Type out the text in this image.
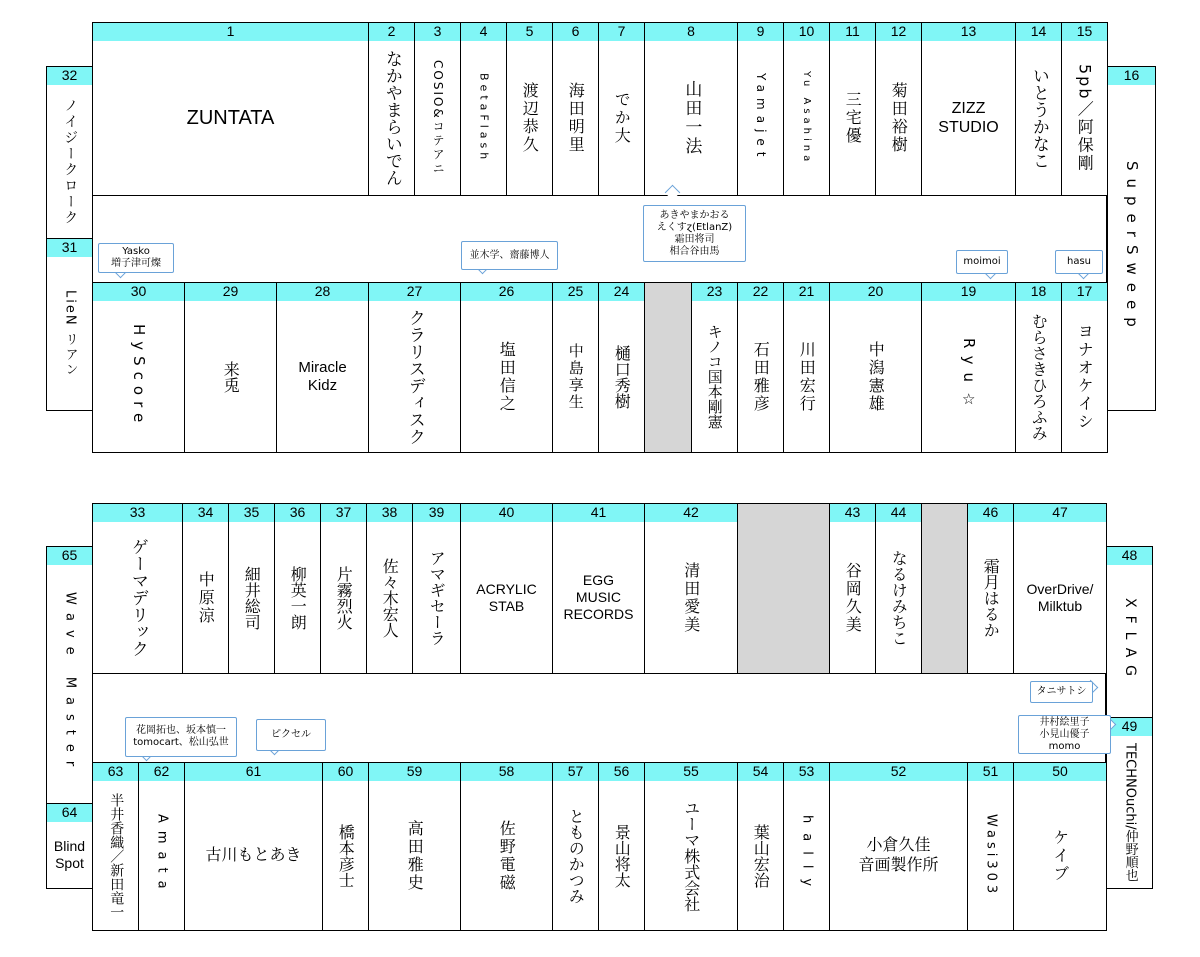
1
ZUNTATA
2
なかやまらいでん
3
COSIO&コテアニ
4
BetaFlash
5
渡辺恭久
6
海田明里
7
でか大
8
山田一法
9
Yamajet
10
Yu Asahina
11
三宅優
12
菊田裕樹
13
ZIZZ
STUDIO
14
いとうかなこ
15
5pb／阿保剛
30
HyScore
29
来兎
28
Miracle
Kidz
27
クラリスディスク
26
塩田信之
25
中島享生
24
樋口秀樹
23
キノコ国本剛憲
22
石田雅彦
21
川田宏行
20
中潟憲雄
19
Ryu☆
18
むらさきひろふみ
17
ヨナオケイシ
32
ノイジークローク
31
LieN リアン
16
SuperSweep
33
ゲーマデリック
34
中原涼
35
細井総司
36
柳英一朗
37
片霧烈火
38
佐々木宏人
39
アマギセーラ
40
ACRYLIC
STAB
41
EGG
MUSIC
RECORDS
42
清田愛美
43
谷岡久美
44
なるけみちこ
46
霜月はるか
47
OverDrive/
Milktub
63
半井香織／新田竜一
62
Amata
61
古川もとあき
60
橋本彦士
59
高田雅史
58
佐野電磁
57
とものかつみ
56
景山将太
55
ユーマ株式会社
54
葉山宏治
53
hally
52
小倉久佳
音画製作所
51
Wasi303
50
ケイブ
65
Wave Master
64
Blind
Spot
48
XFLAG
49
TECHNOuchi/仲野順也
Yasko
増子津可燦
並木学、齋藤博人
あきやまかおる
えくすɀ(EtlanZ)
霜田将司
相合谷由馬
moimoi	hasu
花岡拓也、坂本慎一
tomocart、松山弘世
ピクセル
タニサトシ
井村絵里子
小見山優子
momo
